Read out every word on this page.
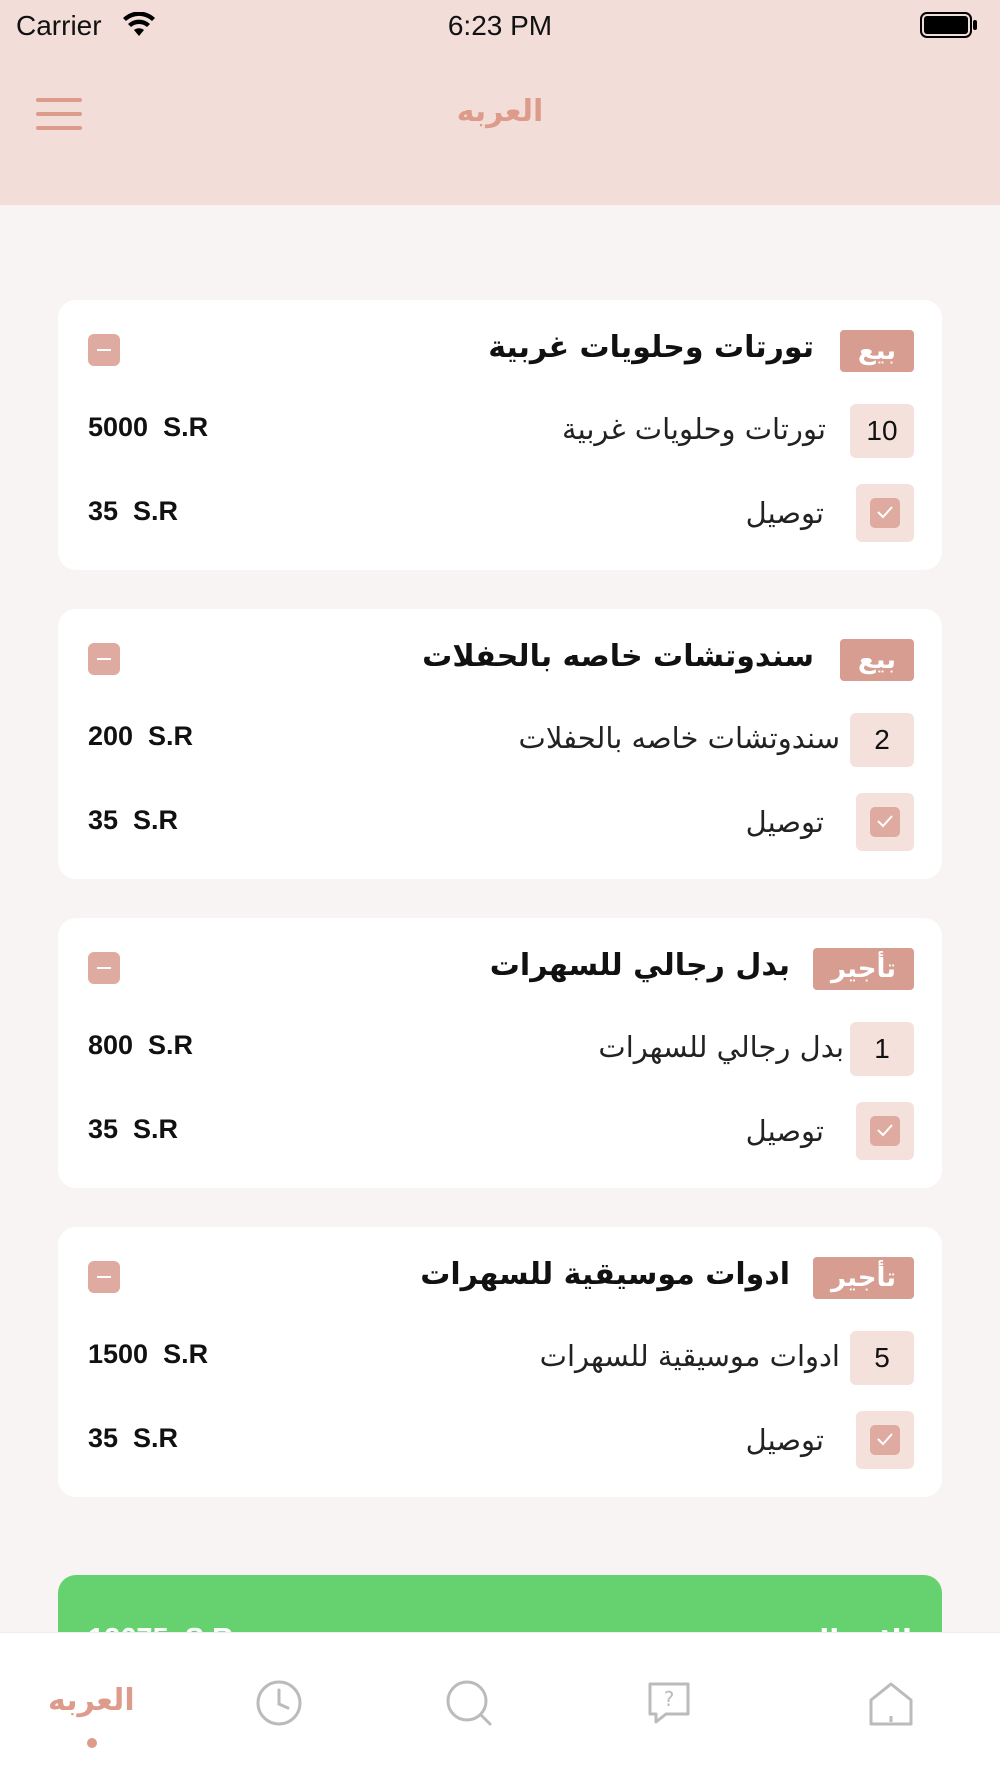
Carrier	6:23 PM
العربه
بيع
تورتات وحلويات غربية
10
تورتات وحلويات غربية
5000  S.R
توصيل
35  S.R
بيع
سندوتشات خاصه بالحفلات
2
سندوتشات خاصه بالحفلات
200  S.R
توصيل
35  S.R
تأجير
بدل رجالي للسهرات
1
بدل رجالي للسهرات
800  S.R
توصيل
35  S.R
تأجير
ادوات موسيقية للسهرات
5
ادوات موسيقية للسهرات
1500  S.R
توصيل
35  S.R
العربه	?
